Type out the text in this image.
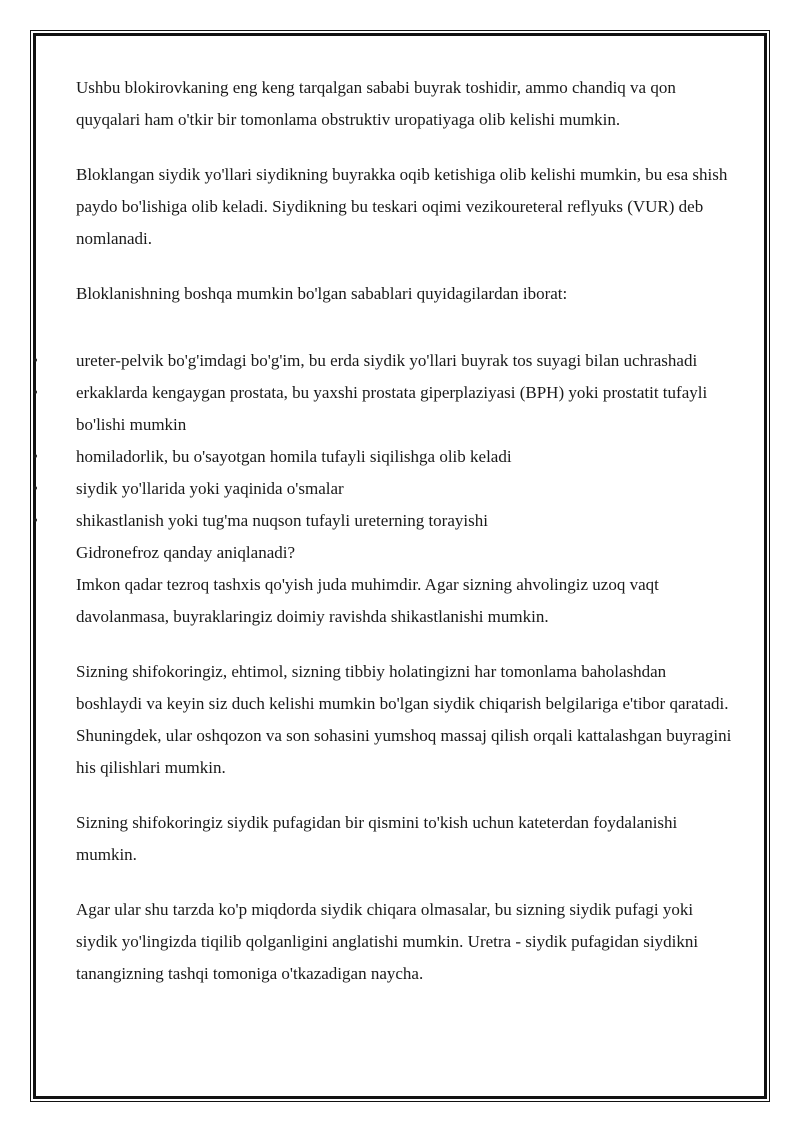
Ushbu blokirovkaning eng keng tarqalgan sababi buyrak toshidir, ammo chandiq va qon quyqalari ham o'tkir bir tomonlama obstruktiv uropatiyaga olib kelishi mumkin.

Bloklangan siydik yo'llari siydikning buyrakka oqib ketishiga olib kelishi mumkin, bu esa shish paydo bo'lishiga olib keladi. Siydikning bu teskari oqimi vezikoureteral reflyuks (VUR) deb nomlanadi.

Bloklanishning boshqa mumkin bo'lgan sabablari quyidagilardan iborat:

• ureter-pelvik bo'g'imdagi bo'g'im, bu erda siydik yo'llari buyrak tos suyagi bilan uchrashadi
• erkaklarda kengaygan prostata, bu yaxshi prostata giperplaziyasi (BPH) yoki prostatit tufayli bo'lishi mumkin
• homiladorlik, bu o'sayotgan homila tufayli siqilishga olib keladi
• siydik yo'llarida yoki yaqinida o'smalar
• shikastlanish yoki tug'ma nuqson tufayli ureterning torayishi
Gidronefroz qanday aniqlanadi?

Imkon qadar tezroq tashxis qo'yish juda muhimdir. Agar sizning ahvolingiz uzoq vaqt davolanmasa, buyraklaringiz doimiy ravishda shikastlanishi mumkin.

Sizning shifokoringiz, ehtimol, sizning tibbiy holatingizni har tomonlama baholashdan boshlaydi va keyin siz duch kelishi mumkin bo'lgan siydik chiqarish belgilariga e'tibor qaratadi. Shuningdek, ular oshqozon va son sohasini yumshoq massaj qilish orqali kattalashgan buyragini his qilishlari mumkin.

Sizning shifokoringiz siydik pufagidan bir qismini to'kish uchun kateterdan foydalanishi mumkin.

Agar ular shu tarzda ko'p miqdorda siydik chiqara olmasalar, bu sizning siydik pufagi yoki siydik yo'lingizda tiqilib qolganligini anglatishi mumkin. Uretra - siydik pufagidan siydikni tanangizning tashqi tomoniga o'tkazadigan naycha.
